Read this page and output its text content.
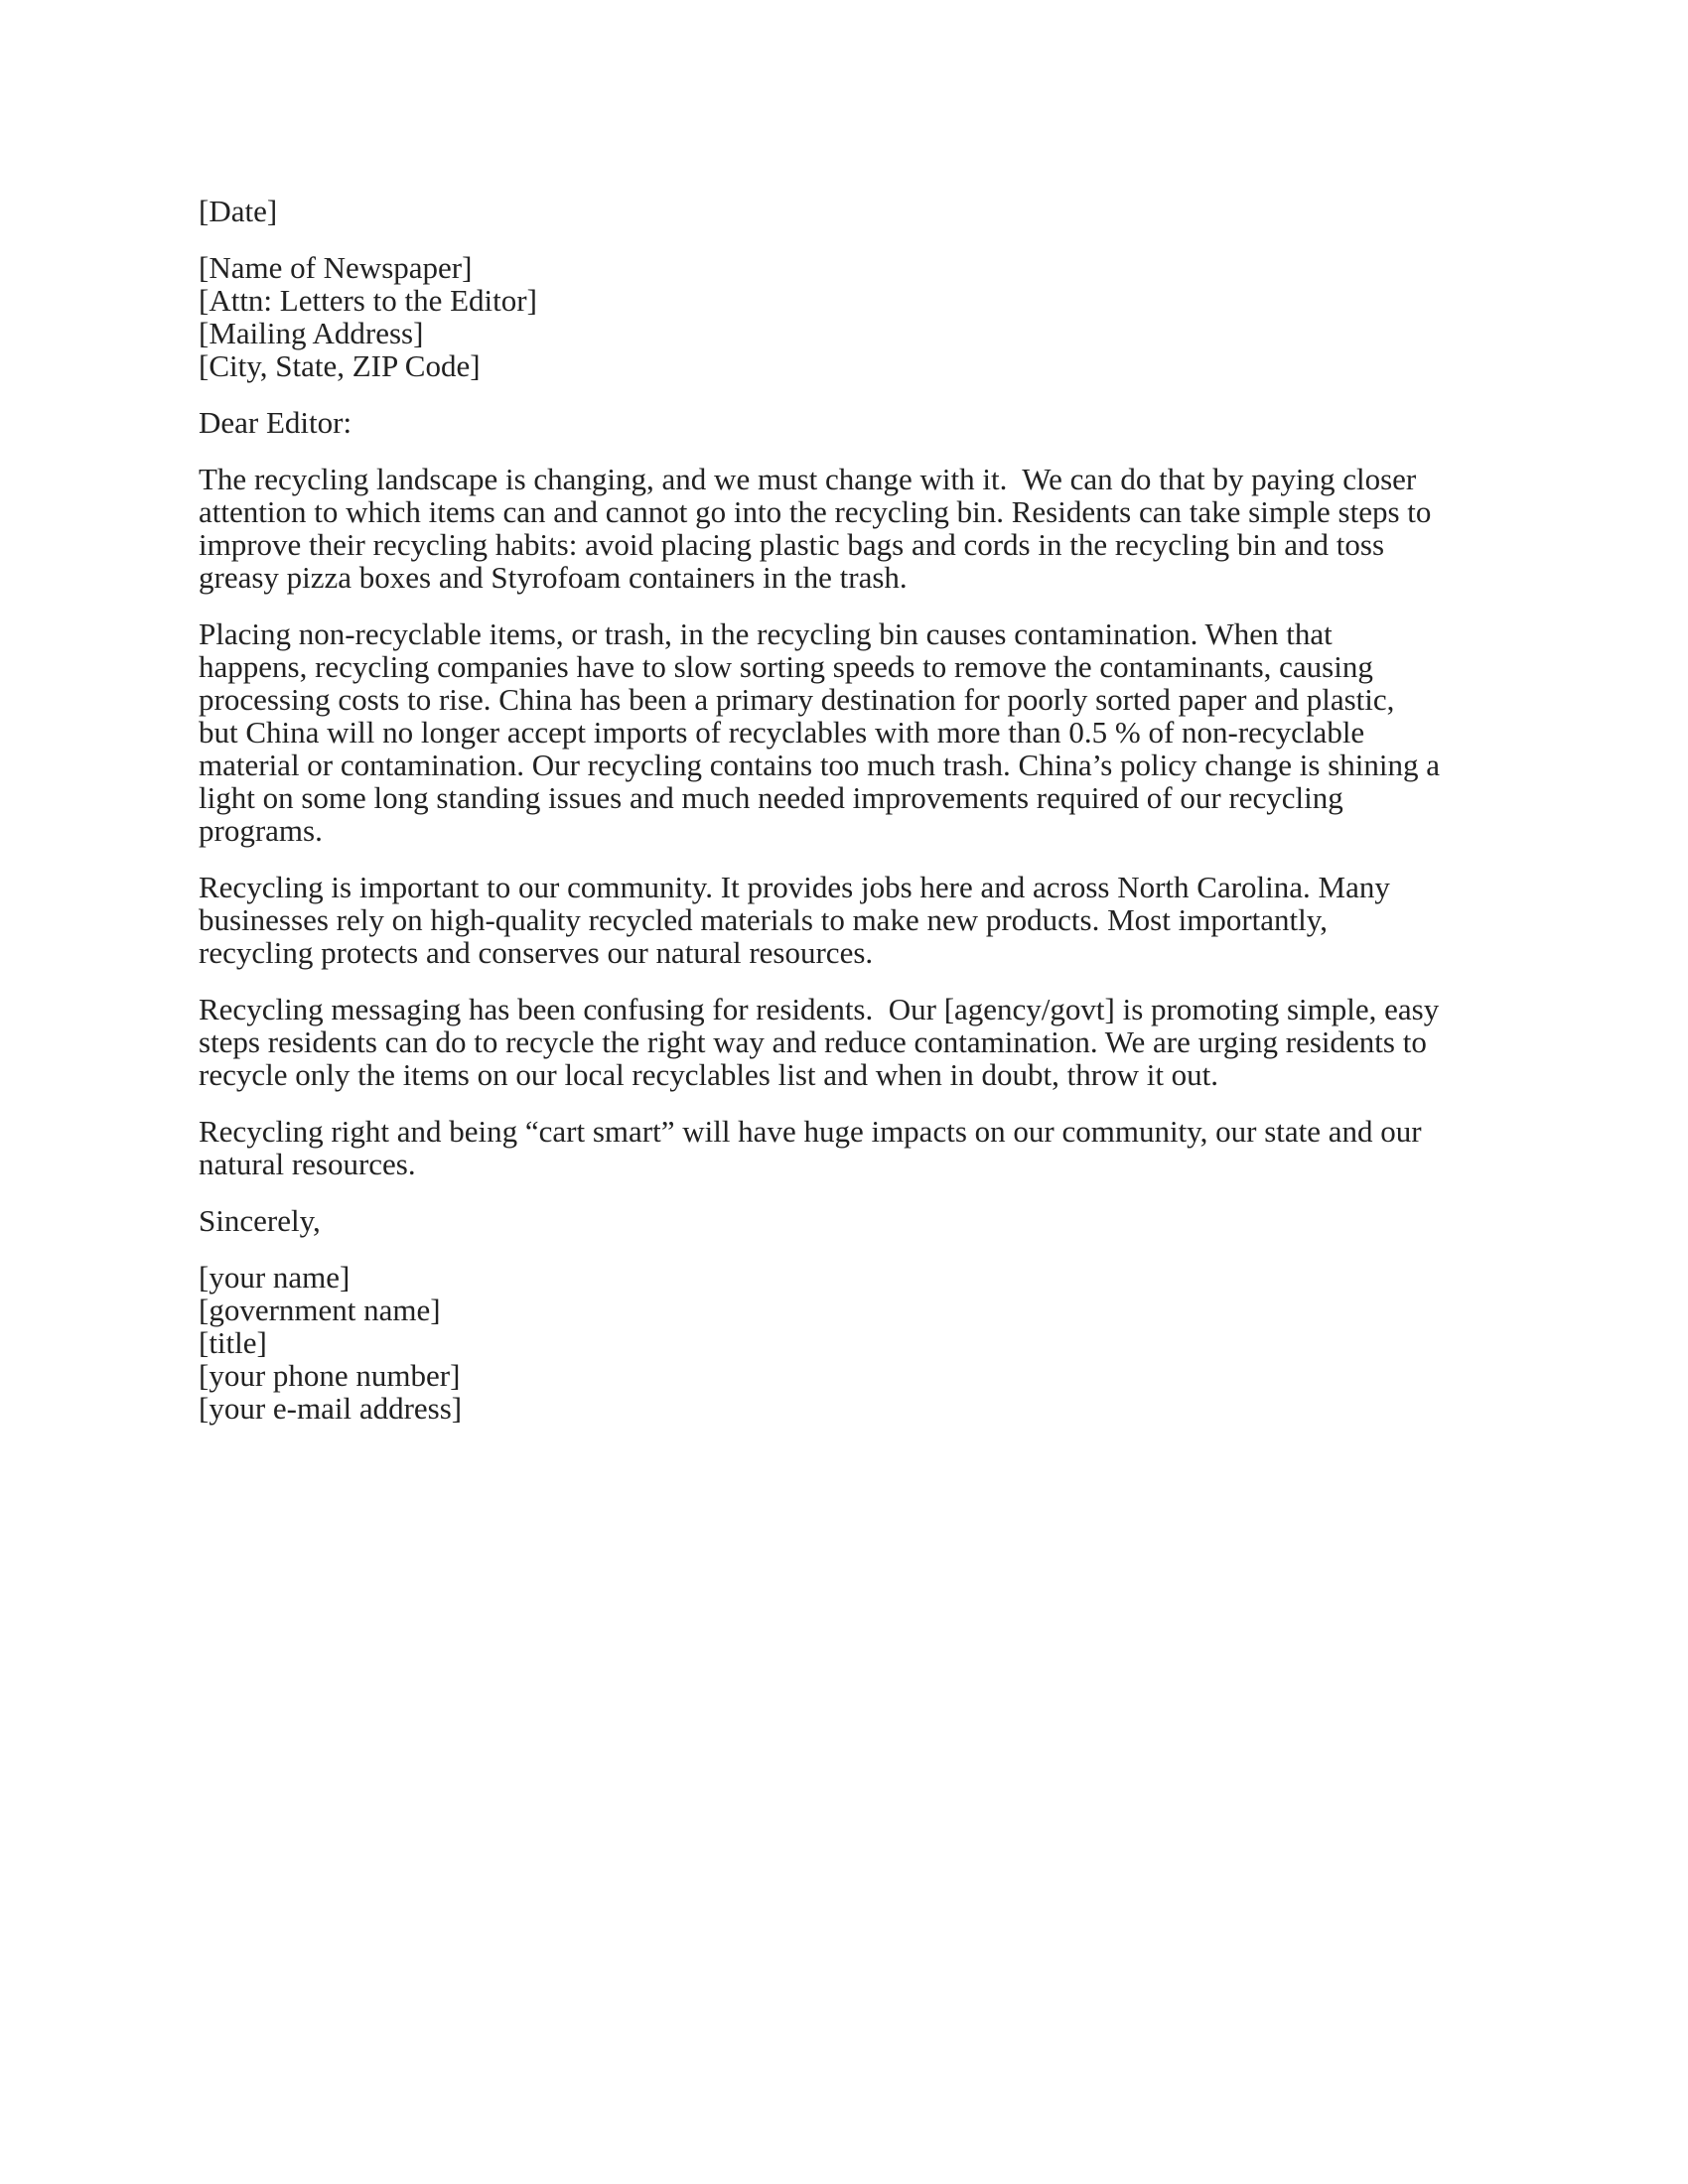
[Date]
[Name of Newspaper]
[Attn: Letters to the Editor]
[Mailing Address]
[City, State, ZIP Code]
Dear Editor:
The recycling landscape is changing, and we must change with it.  We can do that by paying closer
attention to which items can and cannot go into the recycling bin. Residents can take simple steps to
improve their recycling habits: avoid placing plastic bags and cords in the recycling bin and toss
greasy pizza boxes and Styrofoam containers in the trash.
Placing non-recyclable items, or trash, in the recycling bin causes contamination. When that
happens, recycling companies have to slow sorting speeds to remove the contaminants, causing
processing costs to rise. China has been a primary destination for poorly sorted paper and plastic,
but China will no longer accept imports of recyclables with more than 0.5 % of non-recyclable
material or contamination. Our recycling contains too much trash. China’s policy change is shining a
light on some long standing issues and much needed improvements required of our recycling
programs.
Recycling is important to our community. It provides jobs here and across North Carolina. Many
businesses rely on high-quality recycled materials to make new products. Most importantly,
recycling protects and conserves our natural resources.
Recycling messaging has been confusing for residents.  Our [agency/govt] is promoting simple, easy
steps residents can do to recycle the right way and reduce contamination. We are urging residents to
recycle only the items on our local recyclables list and when in doubt, throw it out.
Recycling right and being “cart smart” will have huge impacts on our community, our state and our
natural resources.
Sincerely,
[your name]
[government name]
[title]
[your phone number]
[your e-mail address]
